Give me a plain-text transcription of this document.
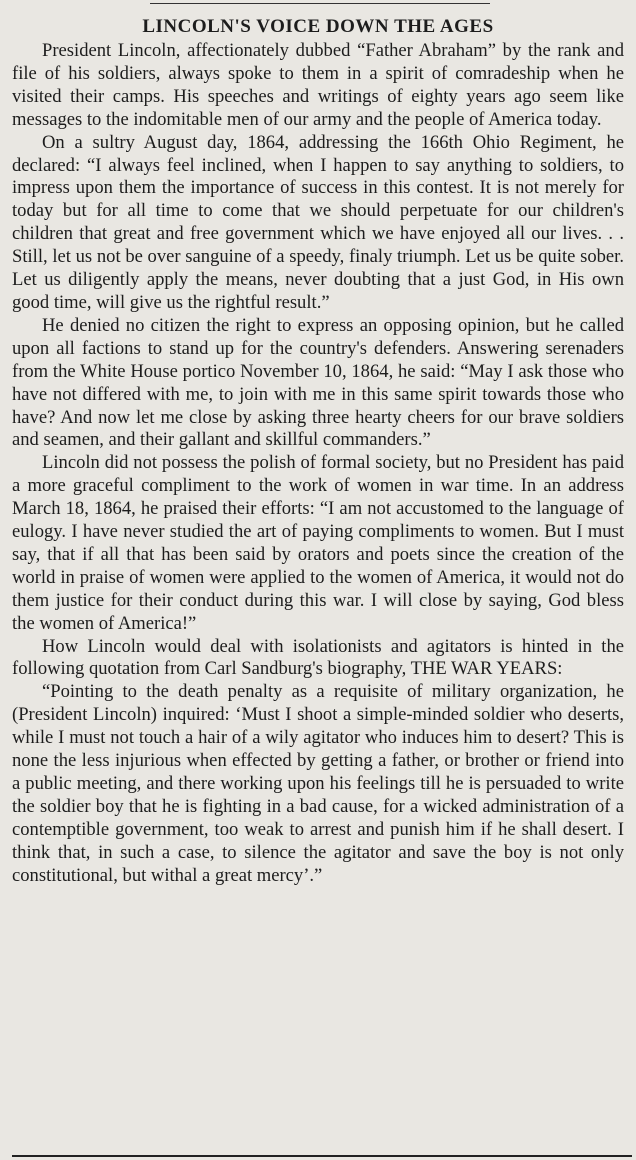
LINCOLN'S VOICE DOWN THE AGES

President Lincoln, affectionately dubbed “Father Abraham” by the rank and file of his soldiers, always spoke to them in a spirit of comradeship when he visited their camps. His speeches and writings of eighty years ago seem like messages to the indomitable men of our army and the people of America today.

On a sultry August day, 1864, addressing the 166th Ohio Regiment, he declared: “I always feel inclined, when I happen to say anything to soldiers, to impress upon them the importance of success in this contest. It is not merely for today but for all time to come that we should perpetuate for our children's children that great and free government which we have enjoyed all our lives. . . Still, let us not be over sanguine of a speedy, finaly triumph. Let us be quite sober. Let us diligently apply the means, never doubting that a just God, in His own good time, will give us the rightful result.”

He denied no citizen the right to express an opposing opinion, but he called upon all factions to stand up for the country's defenders. Answering serenaders from the White House portico November 10, 1864, he said: “May I ask those who have not differed with me, to join with me in this same spirit towards those who have? And now let me close by asking three hearty cheers for our brave soldiers and seamen, and their gallant and skillful commanders.”

Lincoln did not possess the polish of formal society, but no President has paid a more graceful compliment to the work of women in war time. In an address March 18, 1864, he praised their efforts: “I am not accustomed to the language of eulogy. I have never studied the art of paying compliments to women. But I must say, that if all that has been said by orators and poets since the creation of the world in praise of women were applied to the women of America, it would not do them justice for their conduct during this war. I will close by saying, God bless the women of America!”

How Lincoln would deal with isolationists and agitators is hinted in the following quotation from Carl Sandburg's biography, THE WAR YEARS:

“Pointing to the death penalty as a requisite of military organization, he (President Lincoln) inquired: ‘Must I shoot a simple-minded soldier who deserts, while I must not touch a hair of a wily agitator who induces him to desert? This is none the less injurious when effected by getting a father, or brother or friend into a public meeting, and there working upon his feelings till he is persuaded to write the soldier boy that he is fighting in a bad cause, for a wicked administration of a contemptible government, too weak to arrest and punish him if he shall desert. I think that, in such a case, to silence the agitator and save the boy is not only constitutional, but withal a great mercy’.”
